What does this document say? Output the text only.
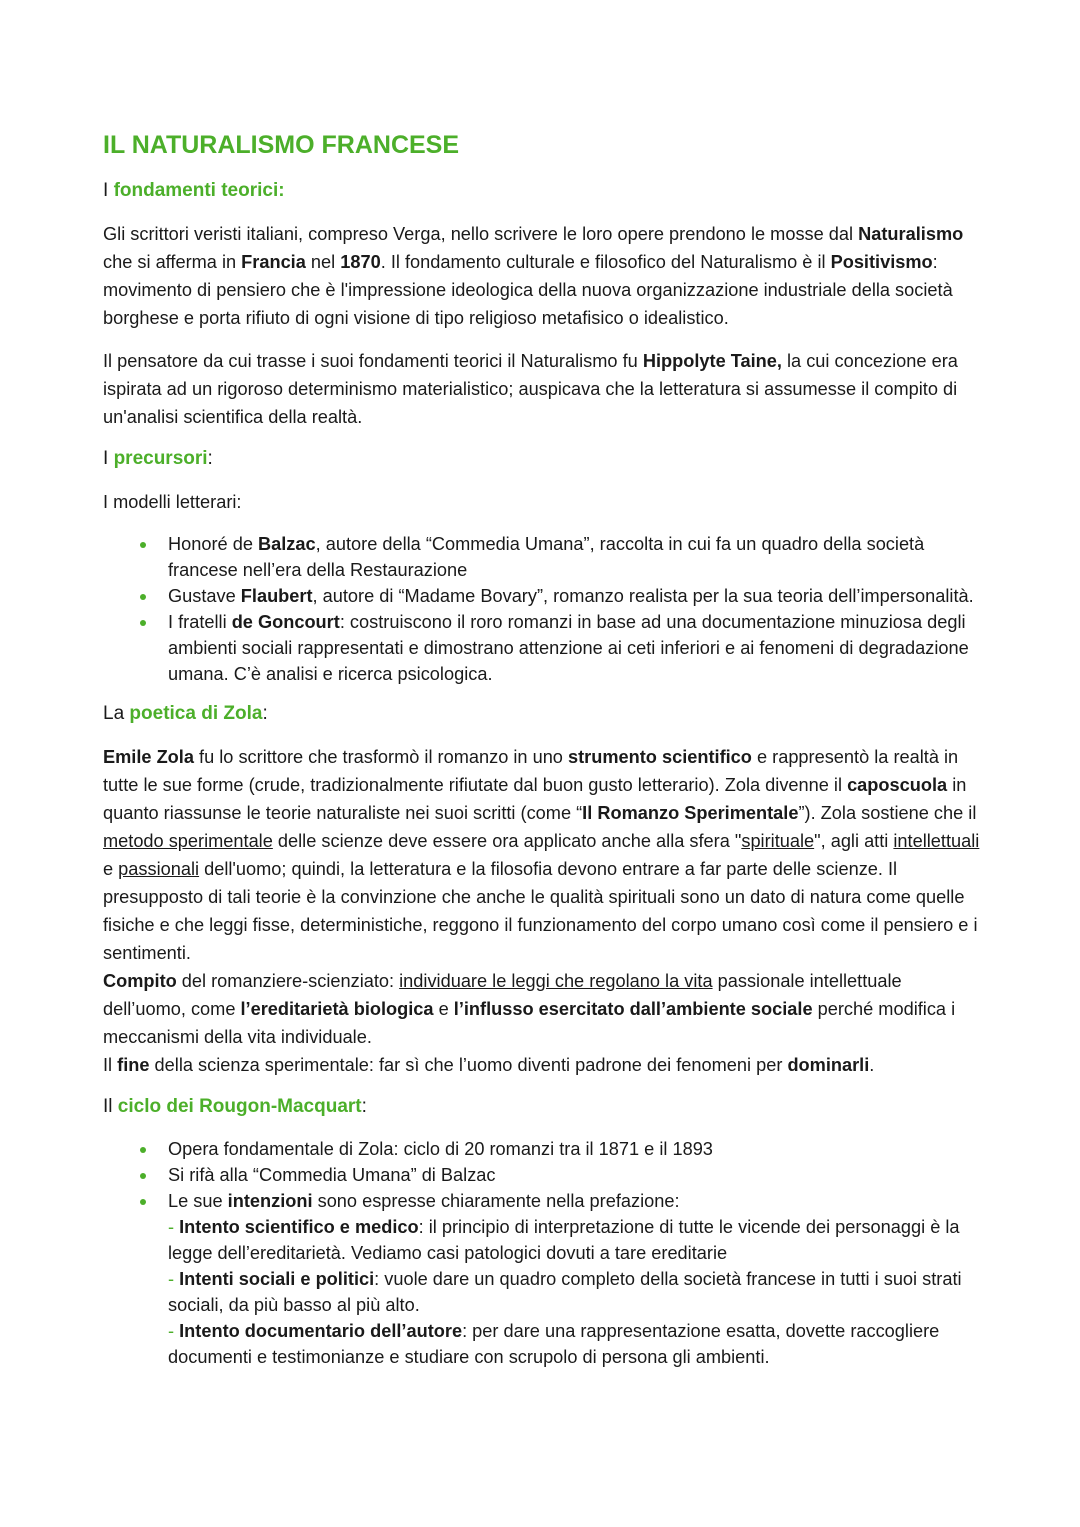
IL NATURALISMO FRANCESE
I fondamenti teorici:

Gli scrittori veristi italiani, compreso Verga, nello scrivere le loro opere prendono le mosse dal Naturalismo che si afferma in Francia nel 1870. Il fondamento culturale e filosofico del Naturalismo è il Positivismo: movimento di pensiero che è l'impressione ideologica della nuova organizzazione industriale della società borghese e porta rifiuto di ogni visione di tipo religioso metafisico o idealistico.

Il pensatore da cui trasse i suoi fondamenti teorici il Naturalismo fu Hippolyte Taine, la cui concezione era ispirata ad un rigoroso determinismo materialistico; auspicava che la letteratura si assumesse il compito di un'analisi scientifica della realtà.

I precursori:

I modelli letterari:

Honoré de Balzac, autore della “Commedia Umana”, raccolta in cui fa un quadro della società francese nell’era della Restaurazione
Gustave Flaubert, autore di “Madame Bovary”, romanzo realista per la sua teoria dell’impersonalità.
I fratelli de Goncourt: costruiscono il roro romanzi in base ad una documentazione minuziosa degli ambienti sociali rappresentati e dimostrano attenzione ai ceti inferiori e ai fenomeni di degradazione umana. C’è analisi e ricerca psicologica.
La poetica di Zola:

Emile Zola fu lo scrittore che trasformò il romanzo in uno strumento scientifico e rappresentò la realtà in tutte le sue forme (crude, tradizionalmente rifiutate dal buon gusto letterario). Zola divenne il caposcuola in quanto riassunse le teorie naturaliste nei suoi scritti (come “Il Romanzo Sperimentale”). Zola sostiene che il metodo sperimentale delle scienze deve essere ora applicato anche alla sfera "spirituale", agli atti intellettuali e passionali dell'uomo; quindi, la letteratura e la filosofia devono entrare a far parte delle scienze. Il presupposto di tali teorie è la convinzione che anche le qualità spirituali sono un dato di natura come quelle fisiche e che leggi fisse, deterministiche, reggono il funzionamento del corpo umano così come il pensiero e i sentimenti.
Compito del romanziere-scienziato: individuare le leggi che regolano la vita passionale intellettuale dell’uomo, come l’ereditarietà biologica e l’influsso esercitato dall’ambiente sociale perché modifica i meccanismi della vita individuale.
Il fine della scienza sperimentale: far sì che l’uomo diventi padrone dei fenomeni per dominarli.

Il ciclo dei Rougon-Macquart:
Opera fondamentale di Zola: ciclo di 20 romanzi tra il 1871 e il 1893
Si rifà alla “Commedia Umana” di Balzac
Le sue intenzioni sono espresse chiaramente nella prefazione:
- Intento scientifico e medico: il principio di interpretazione di tutte le vicende dei personaggi è la legge dell’ereditarietà. Vediamo casi patologici dovuti a tare ereditarie
- Intenti sociali e politici: vuole dare un quadro completo della società francese in tutti i suoi strati sociali, da più basso al più alto.
- Intento documentario dell’autore: per dare una rappresentazione esatta, dovette raccogliere documenti e testimonianze e studiare con scrupolo di persona gli ambienti.
